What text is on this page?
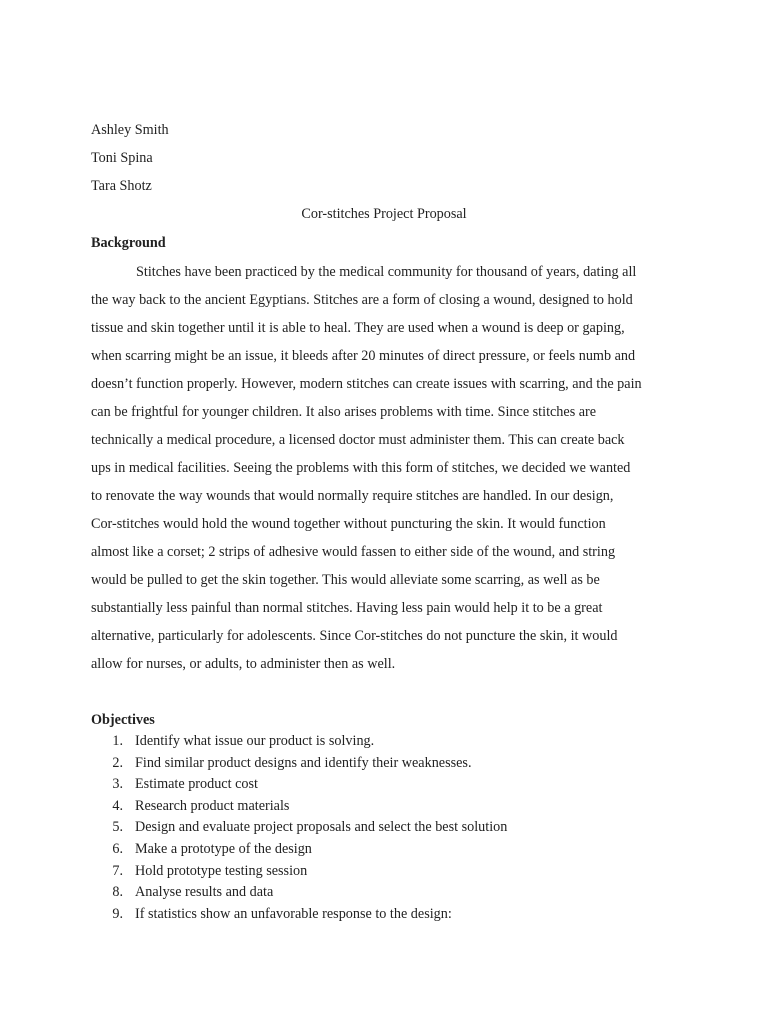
Ashley Smith
Toni Spina
Tara Shotz
Cor-stitches Project Proposal
Background
Stitches have been practiced by the medical community for thousand of years, dating all
the way back to the ancient Egyptians. Stitches are a form of closing a wound, designed to hold
tissue and skin together until it is able to heal. They are used when a wound is deep or gaping,
when scarring might be an issue, it bleeds after 20 minutes of direct pressure, or feels numb and
doesn’t function properly. However, modern stitches can create issues with scarring, and the pain
can be frightful for younger children. It also arises problems with time. Since stitches are
technically a medical procedure, a licensed doctor must administer them. This can create back
ups in medical facilities. Seeing the problems with this form of stitches, we decided we wanted
to renovate the way wounds that would normally require stitches are handled. In our design,
Cor-stitches would hold the wound together without puncturing the skin. It would function
almost like a corset; 2 strips of adhesive would fassen to either side of the wound, and string
would be pulled to get the skin together. This would alleviate some scarring, as well as be
substantially less painful than normal stitches. Having less pain would help it to be a great
alternative, particularly for adolescents. Since Cor-stitches do not puncture the skin, it would
allow for nurses, or adults, to administer then as well.
Objectives
1. Identify what issue our product is solving.
2. Find similar product designs and identify their weaknesses.
3. Estimate product cost
4. Research product materials
5. Design and evaluate project proposals and select the best solution
6. Make a prototype of the design
7. Hold prototype testing session
8. Analyse results and data
9. If statistics show an unfavorable response to the design:
